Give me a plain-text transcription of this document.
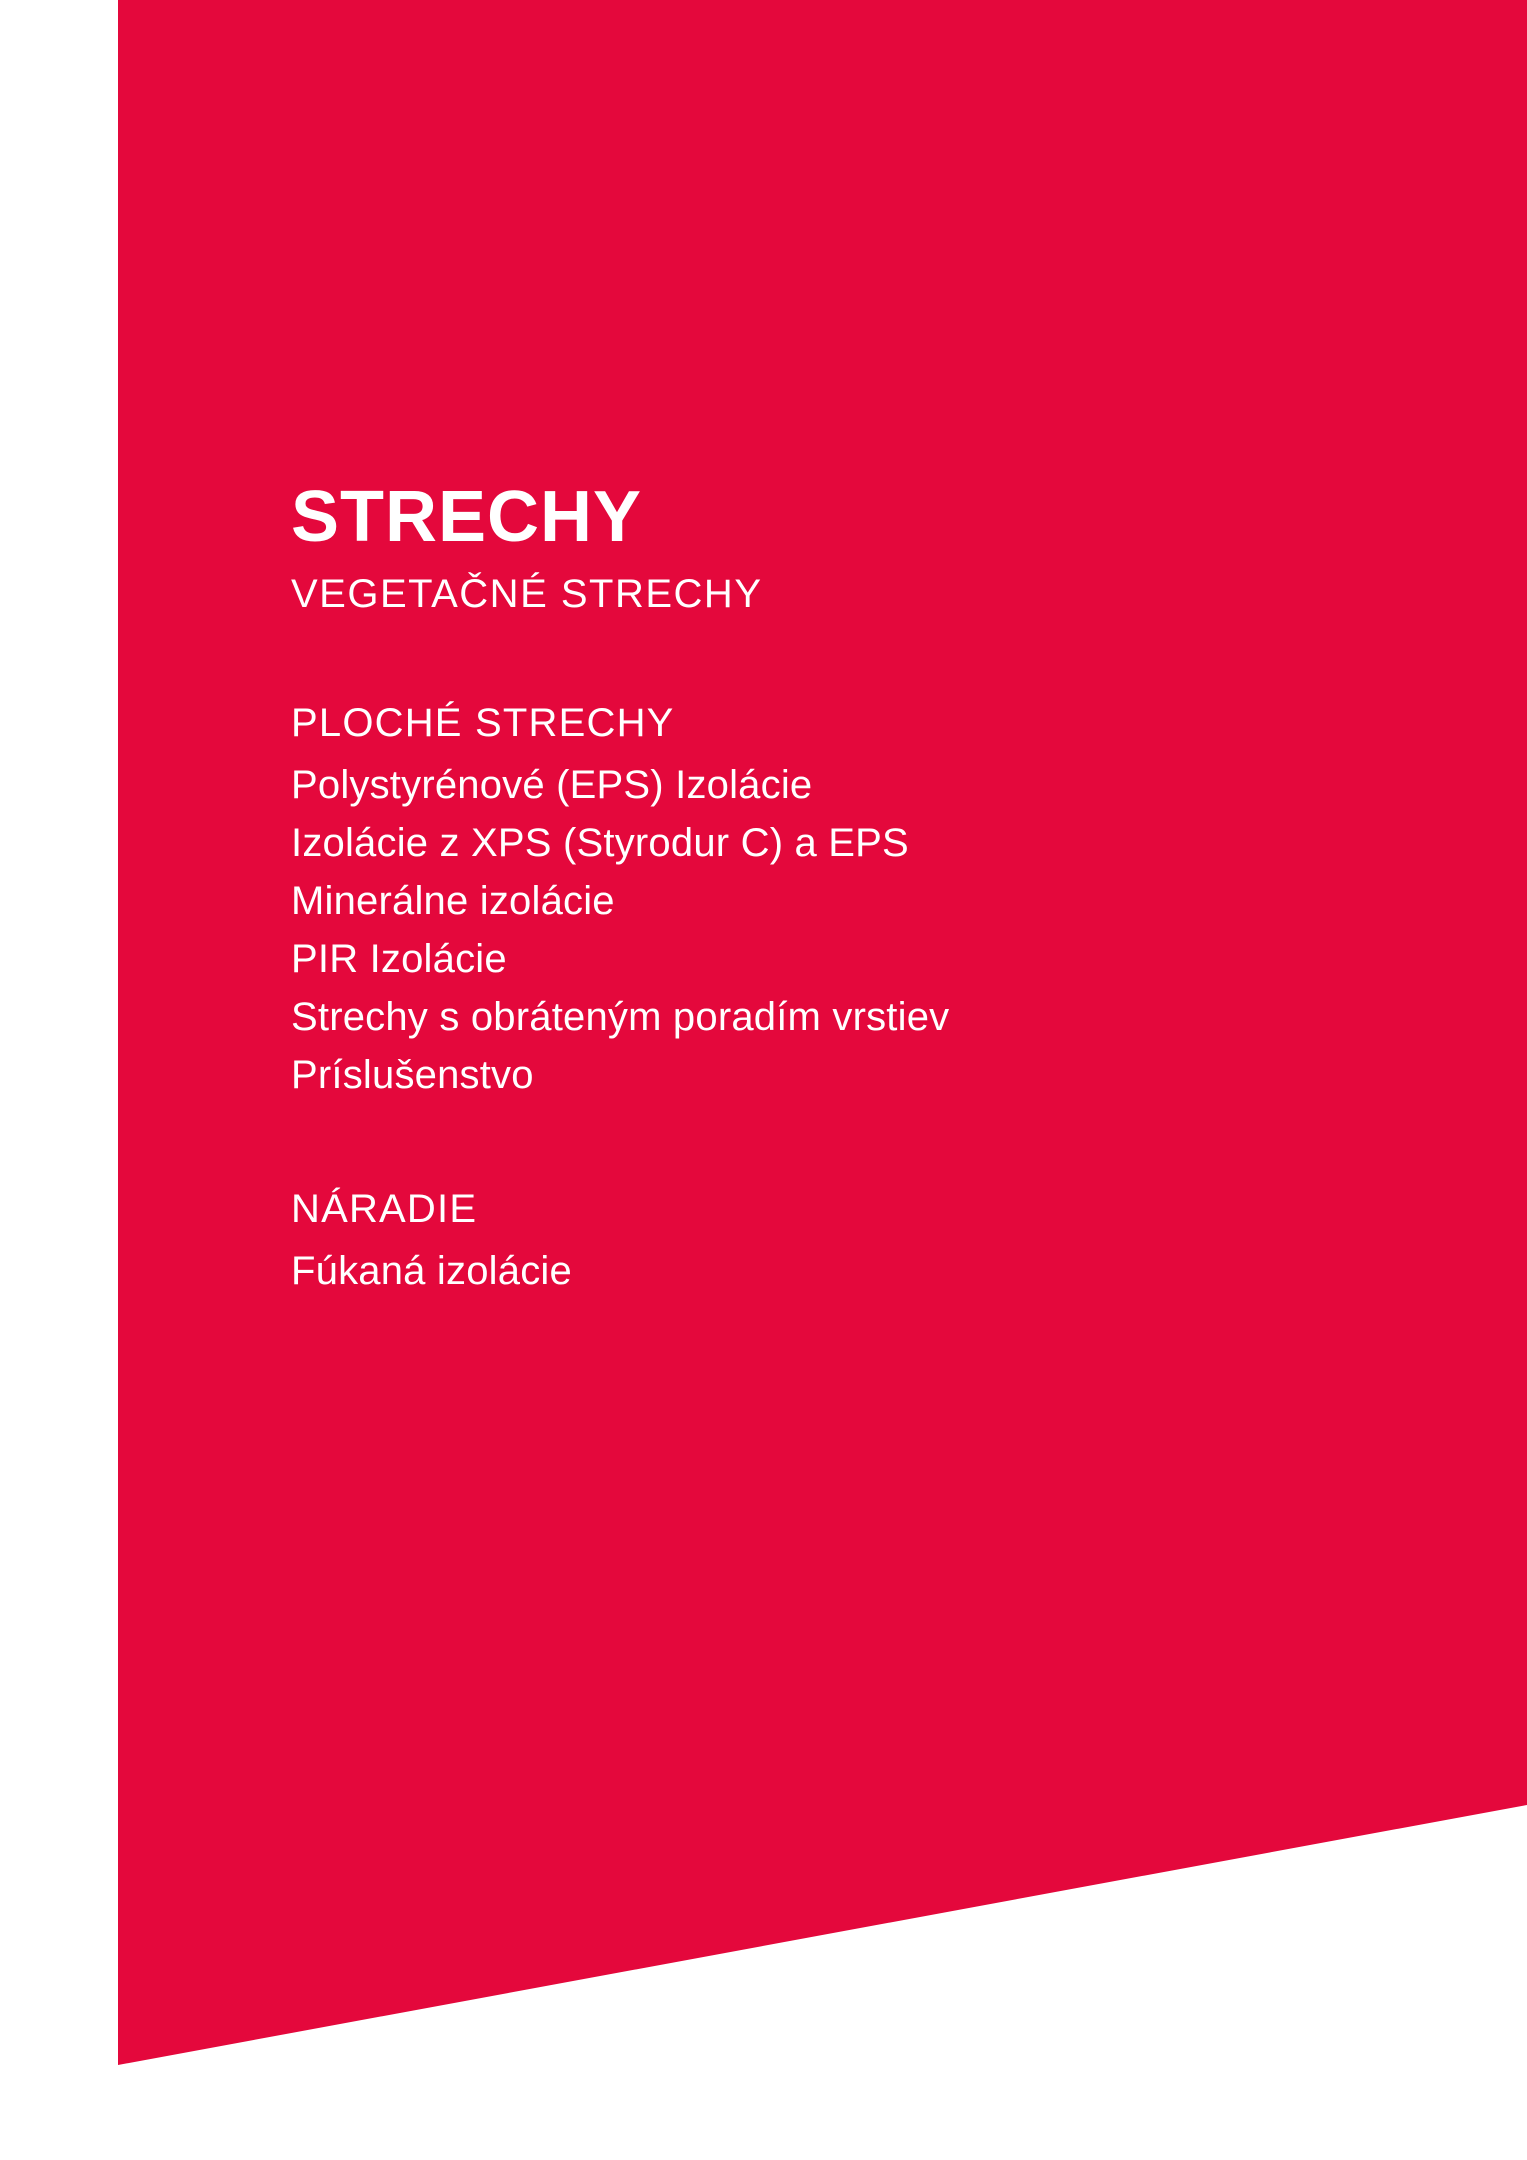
STRECHY

VEGETAČNÉ STRECHY

PLOCHÉ STRECHY

Polystyrénové (EPS) Izolácie

Izolácie z XPS (Styrodur C) a EPS

Minerálne izolácie

PIR Izolácie

Strechy s obráteným poradím vrstiev

Príslušenstvo

NÁRADIE

Fúkaná izolácie
